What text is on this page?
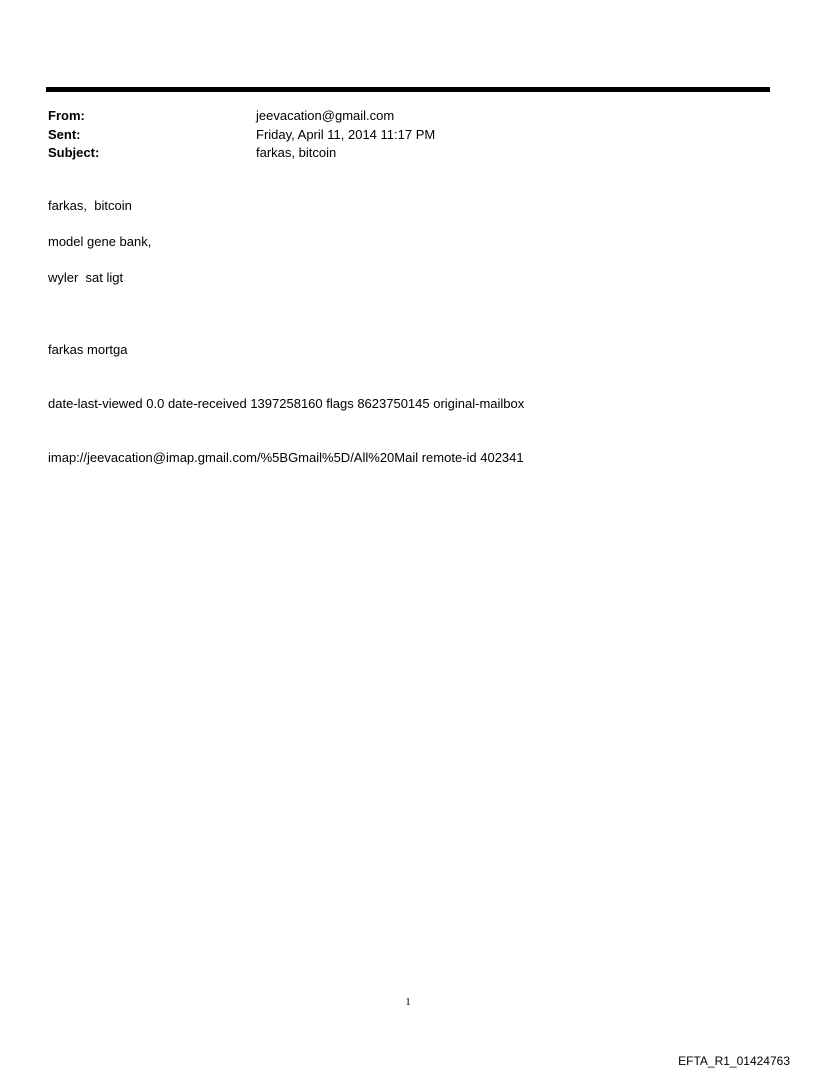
From:	jeevacation@gmail.com
Sent:	Friday, April 11, 2014 11:17 PM
Subject:	farkas, bitcoin

farkas,  bitcoin

model gene bank,

wyler  sat ligt

farkas mortga

date-last-viewed 0.0 date-received 1397258160 flags 8623750145 original-mailbox

imap://jeevacation@imap.gmail.com/%5BGmail%5D/All%20Mail remote-id 402341

1
EFTA_R1_01424763
